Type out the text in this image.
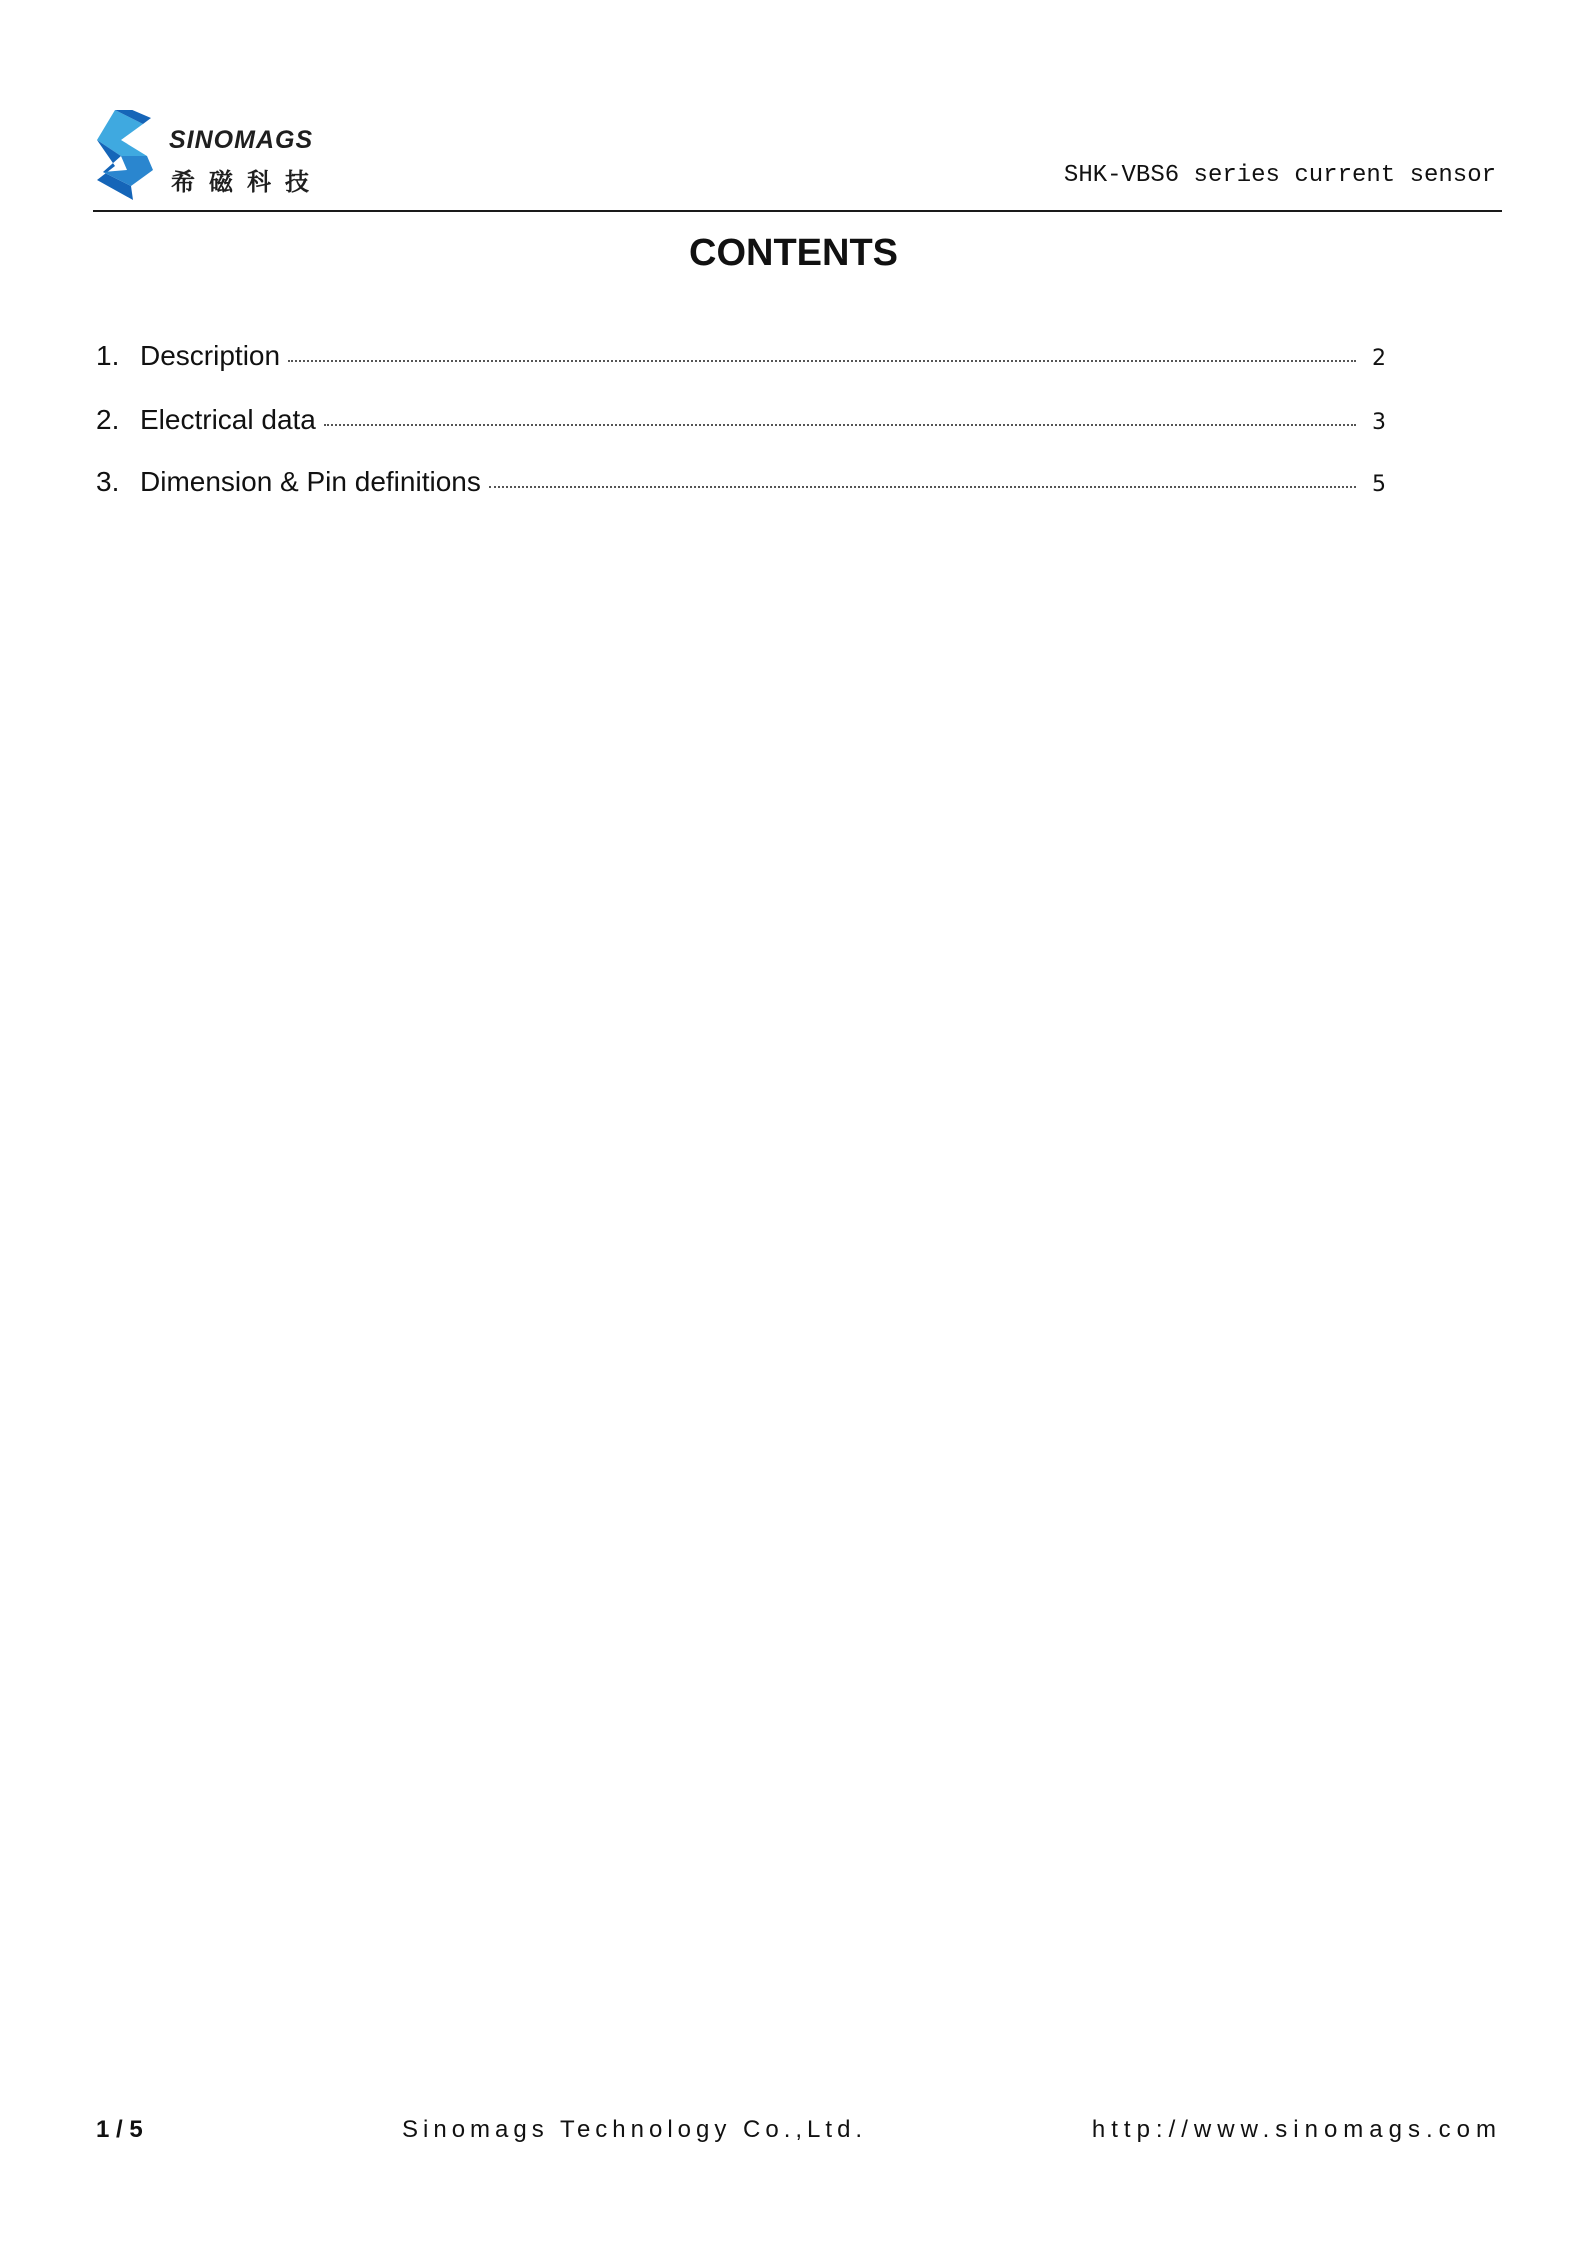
SINOMAGS
希磁科技	SHK-VBS6 series current sensor
CONTENTS
1. Description	2
2. Electrical data	3
3. Dimension & Pin definitions	5
1 / 5	Sinomags Technology Co.,Ltd.	http://www.sinomags.com
